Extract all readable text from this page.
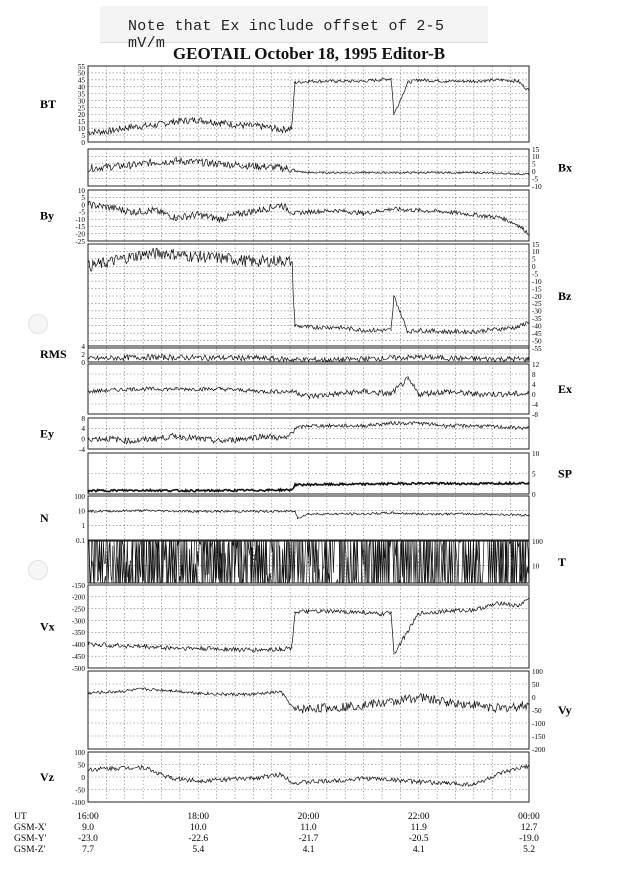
Note that Ex include offset of 2-5 mV/m
GEOTAIL October 18, 1995 Editor-B
0
5
10
15
20
25
30
35
40
45
50
55
BT
-10
-5
0
5
10
15
Bx
-25
-20
-15
-10
-5
0
5
10
By
-55
-50
-45
-40
-35
-30
-25
-20
-15
-10
-5
0
5
10
15
Bz
0
2
4
RMS
-8
-4
0
4
8
12
Ex
-4
0
4
8
Ey
0
5
10
SP
0.1
1
10
100
N
10
100
T
-500
-450
-400
-350
-300
-250
-200
-150
Vx
-200
-150
-100
-50
0
50
100
Vy
-100
-50
0
50
100
Vz
UT	16:00	18:00	20:00	22:00	00:00
GSM-X'	9.0	10.0	11.0	11.9	12.7
GSM-Y'	-23.0	-22.6	-21.7	-20.5	-19.0
GSM-Z'	7.7	5.4	4.1	4.1	5.2
